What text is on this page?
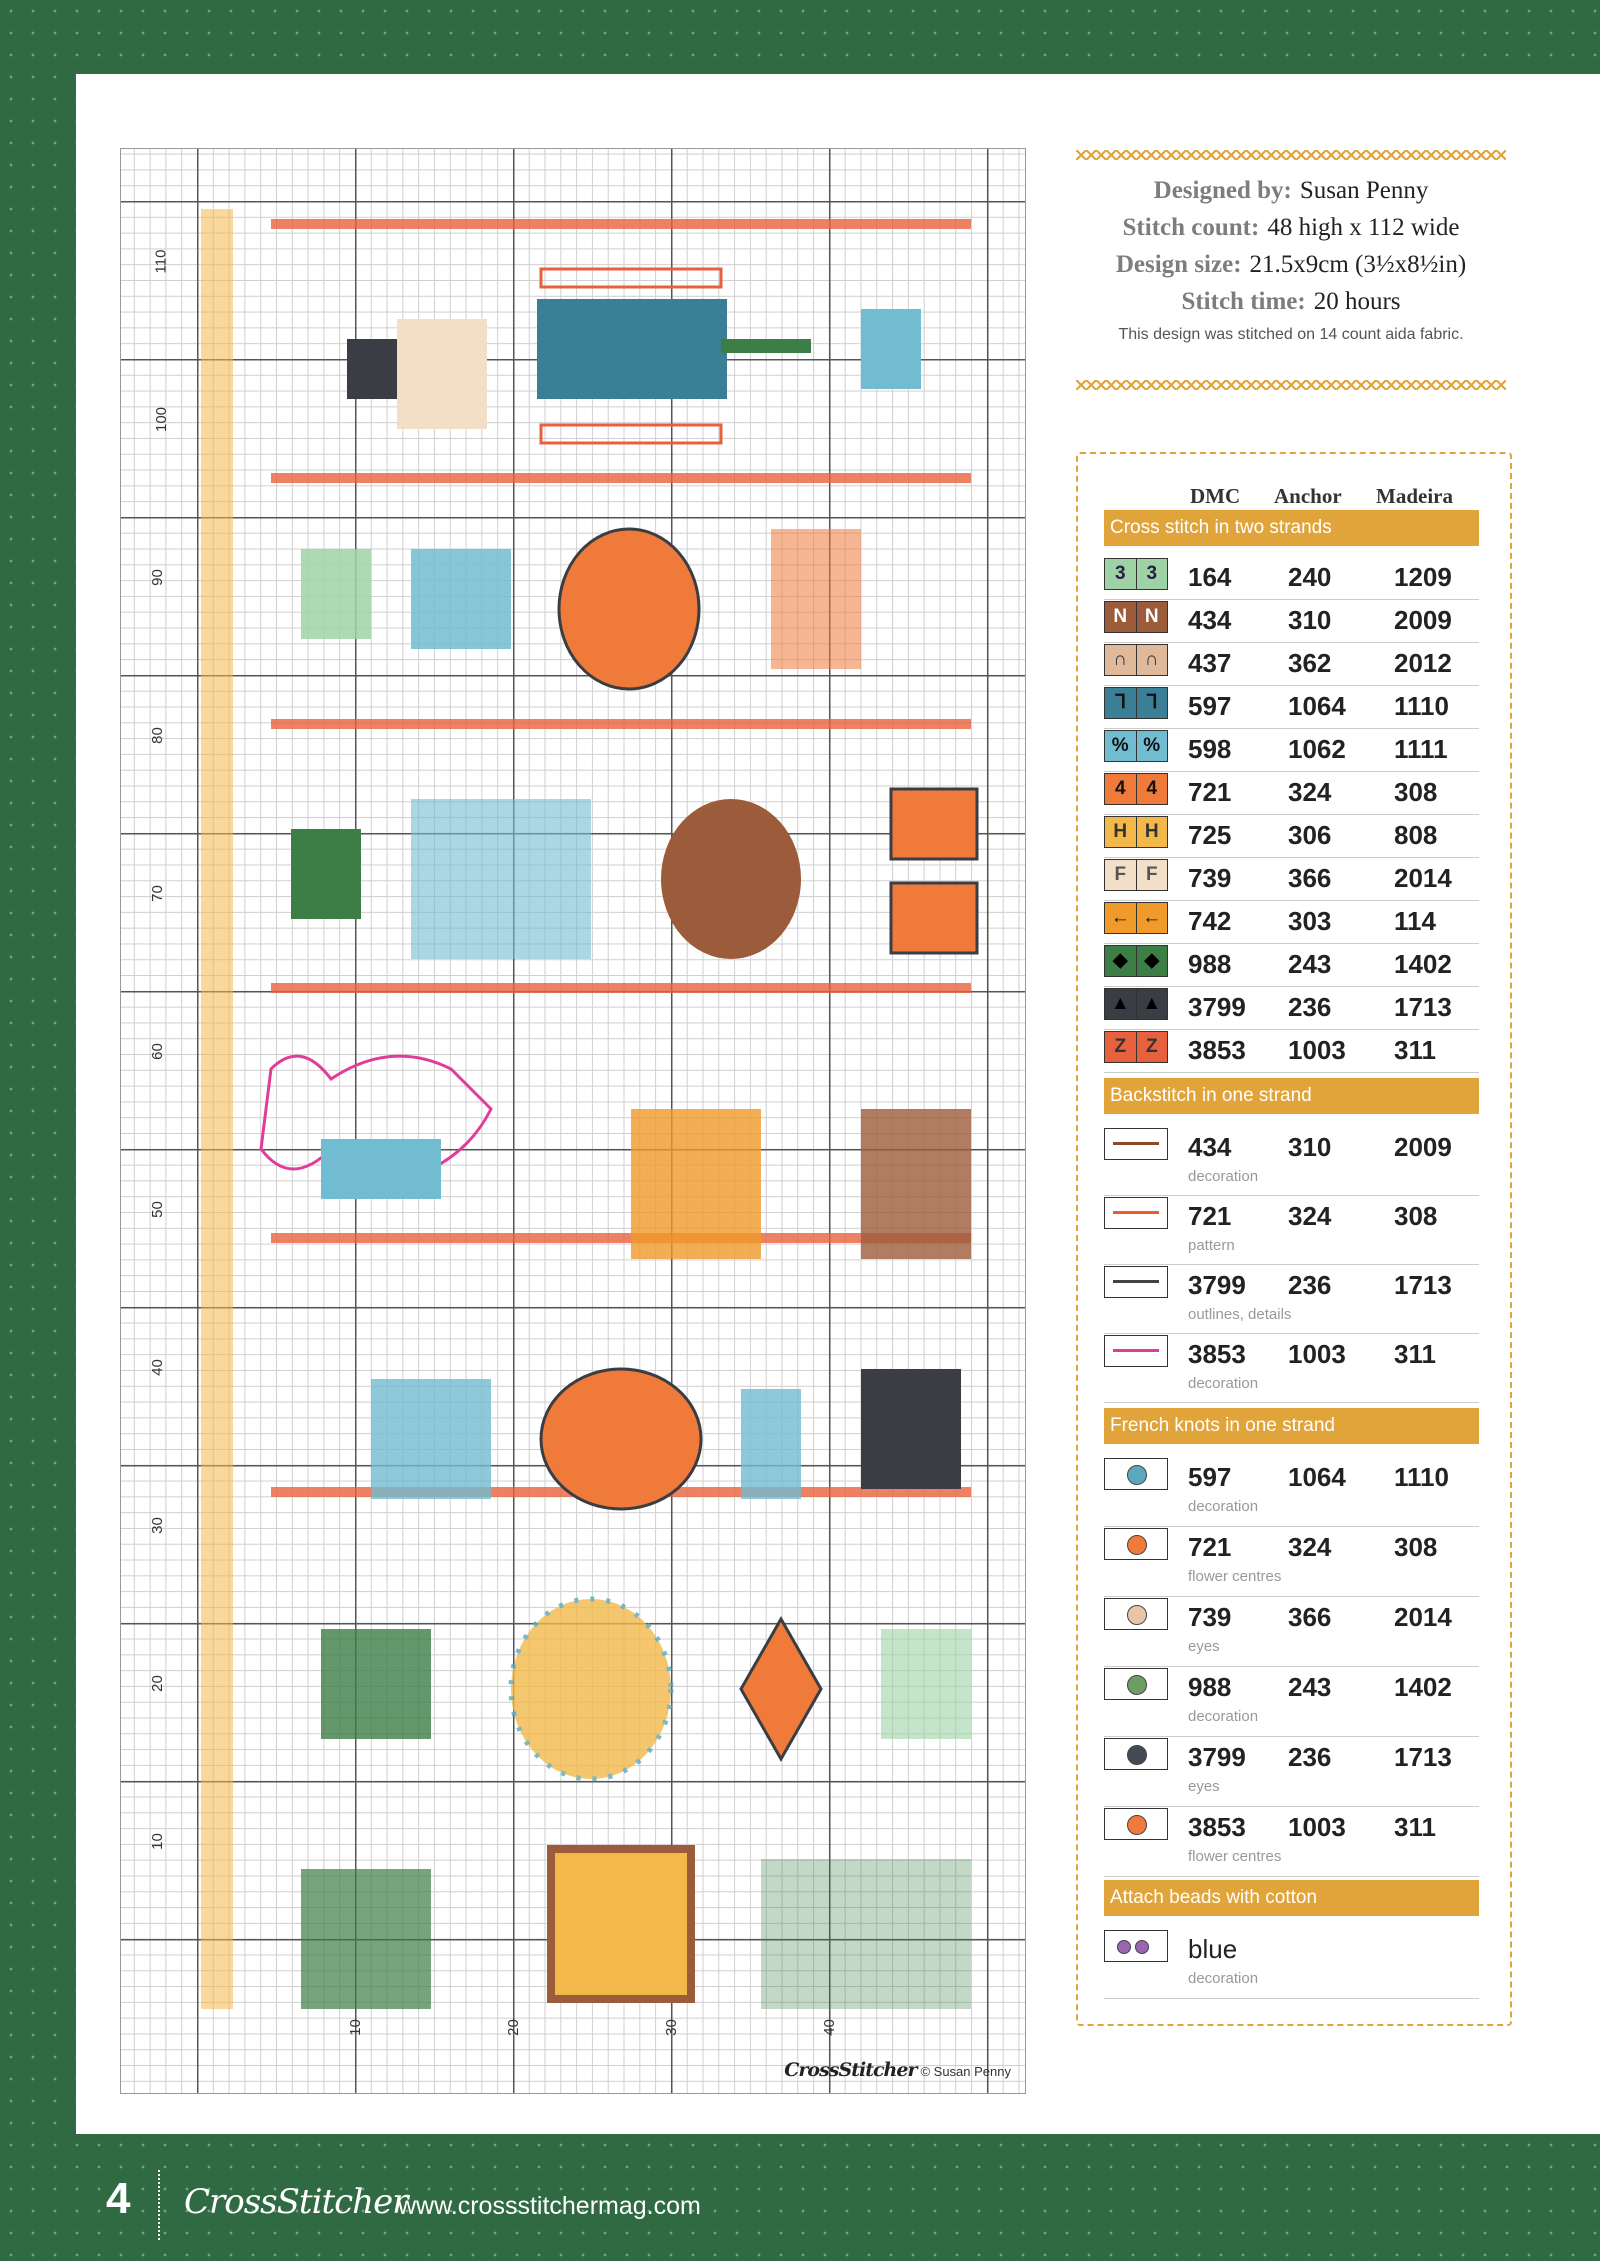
110
100
90
80
70
60
50
40
30
20
10
10	20	30	40
CrossStitcher © Susan Penny
Designed by: Susan Penny
Stitch count: 48 high x 112 wide
Design size: 21.5x9cm (3½x8½in)
Stitch time: 20 hours
This design was stitched on 14 count aida fabric.
DMC Anchor Madeira
Cross stitch in two strands
3	3	164 240 1209
N N	434 310 2009
∩ ∩	437 362 2012
ᒣ	ᒣ	597 1064 1110
% % 598 1062 1111
4	4	721 324 308
H H	725 306 808
F	F	739 366 2014
← ← 742 303 114
◆ ◆	988 243 1402
▲ ▲ 3799 236 1713
Z	Z	3853 1003 311
Backstitch in one strand
434 310 2009
decoration
721 324 308
pattern
3799 236 1713
outlines, details
3853 1003 311
decoration
French knots in one strand
597 1064 1110
decoration
721 324 308
flower centres
739 366 2014
eyes
988 243 1402
decoration
3799 236 1713
eyes
3853 1003 311
flower centres
Attach beads with cotton
blue
decoration
4 CrossStitcher
www.crossstitchermag.com
